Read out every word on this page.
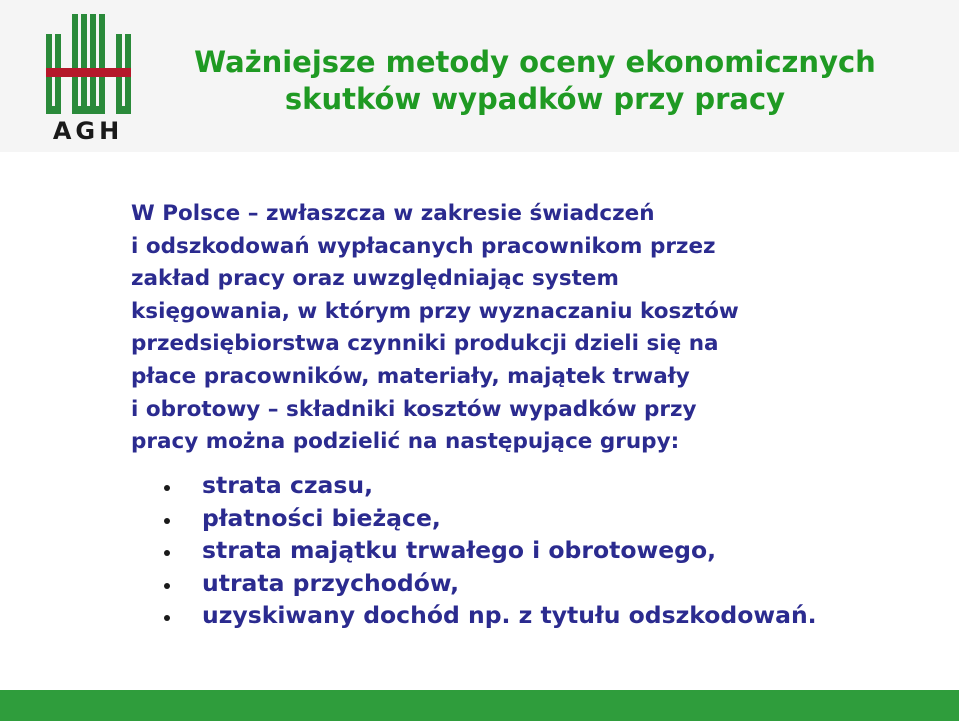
AGH
Ważniejsze metody oceny ekonomicznych
skutków wypadków przy pracy
W Polsce – zwłaszcza w zakresie świadczeń
i odszkodowań wypłacanych pracownikom przez
zakład pracy oraz uwzględniając system
księgowania, w którym przy wyznaczaniu kosztów
przedsiębiorstwa czynniki produkcji dzieli się na
płace pracowników, materiały, majątek trwały
i obrotowy – składniki kosztów wypadków przy
pracy można podzielić na następujące grupy:
strata czasu,
płatności bieżące,
strata majątku trwałego i obrotowego,
utrata przychodów,
uzyskiwany dochód np. z tytułu odszkodowań.
